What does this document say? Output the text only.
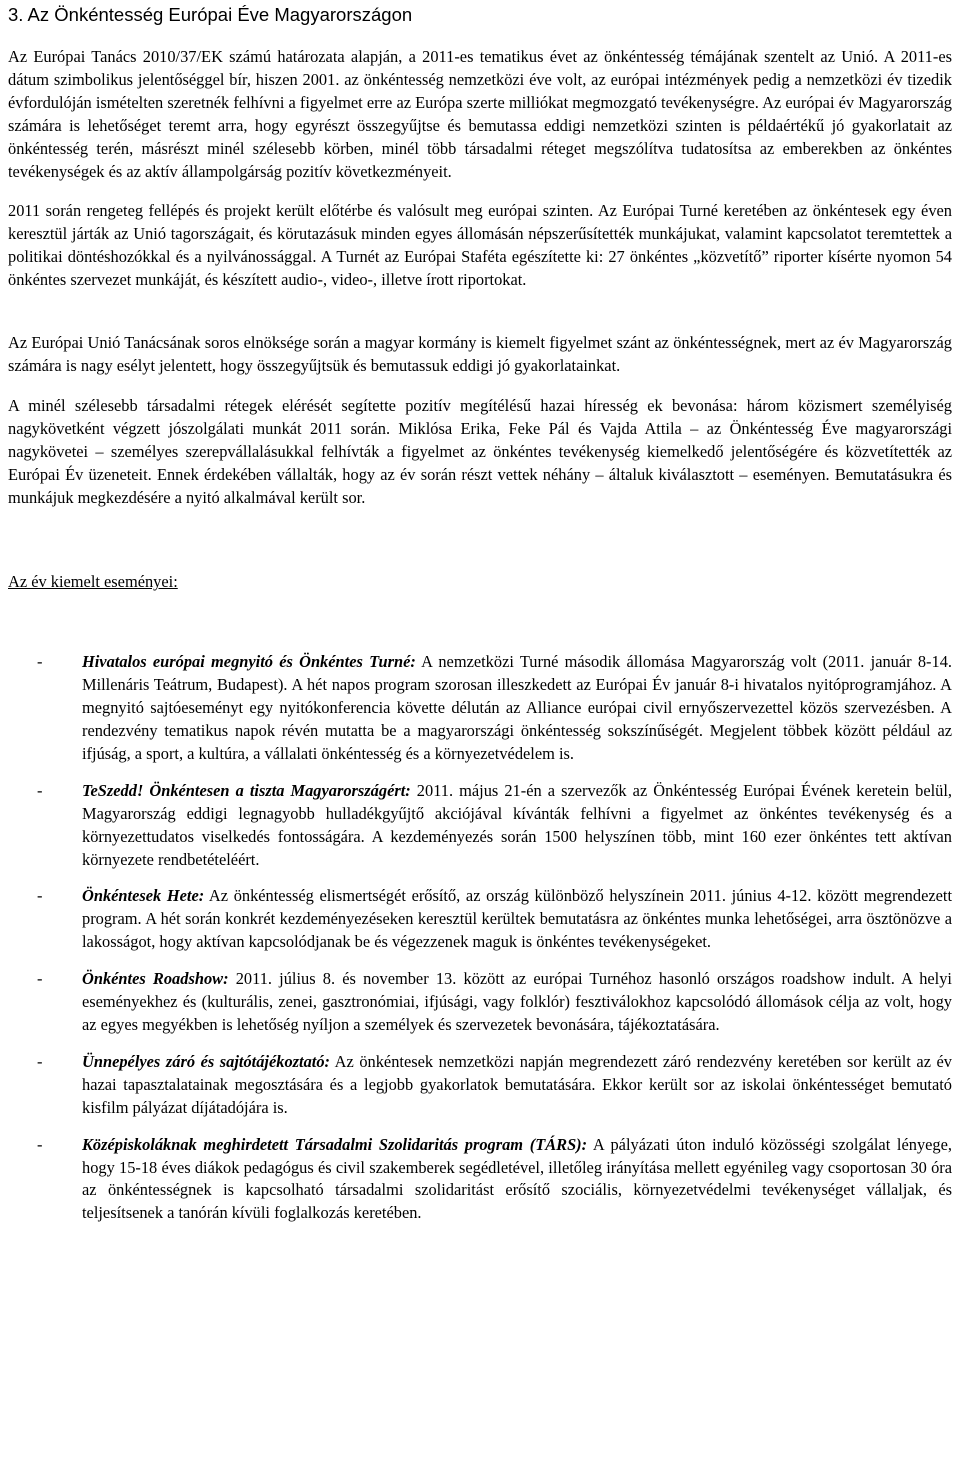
3. Az Önkéntesség Európai Éve Magyarországon

Az Európai Tanács 2010/37/EK számú határozata alapján, a 2011-es tematikus évet az önkéntesség témájának szentelt az Unió. A 2011-es dátum szimbolikus jelentőséggel bír, hiszen 2001. az önkéntesség nemzetközi éve volt, az európai intézmények pedig a nemzetközi év tizedik évfordulóján ismételten szeretnék felhívni a figyelmet erre az Európa szerte milliókat megmozgató tevékenységre. Az európai év Magyarország számára is lehetőséget teremt arra, hogy egyrészt összegyűjtse és bemutassa eddigi nemzetközi szinten is példaértékű jó gyakorlatait az önkéntesség terén, másrészt minél szélesebb körben, minél több társadalmi réteget megszólítva tudatosítsa az emberekben az önkéntes tevékenységek és az aktív állampolgárság pozitív következményeit.

2011 során rengeteg fellépés és projekt került előtérbe és valósult meg európai szinten. Az Európai Turné keretében az önkéntesek egy éven keresztül járták az Unió tagországait, és körutazásuk minden egyes állomásán népszerűsítették munkájukat, valamint kapcsolatot teremtettek a politikai döntéshozókkal és a nyilvánossággal. A Turnét az Európai Staféta egészítette ki: 27 önkéntes „közvetítő” riporter kísérte nyomon 54 önkéntes szervezet munkáját, és készített audio-, video-, illetve írott riportokat.

Az Európai Unió Tanácsának soros elnöksége során a magyar kormány is kiemelt figyelmet szánt az önkéntességnek, mert az év Magyarország számára is nagy esélyt jelentett, hogy összegyűjtsük és bemutassuk eddigi jó gyakorlatainkat.

A minél szélesebb társadalmi rétegek elérését segítette pozitív megítélésű hazai híresség ek bevonása: három közismert személyiség nagykövetként végzett jószolgálati munkát 2011 során. Miklósa Erika, Feke Pál és Vajda Attila – az Önkéntesség Éve magyarországi nagykövetei – személyes szerepvállalásukkal felhívták a figyelmet az önkéntes tevékenység kiemelkedő jelentőségére és közvetítették az Európai Év üzeneteit. Ennek érdekében vállalták, hogy az év során részt vettek néhány – általuk kiválasztott – eseményen. Bemutatásukra és munkájuk megkezdésére a nyitó alkalmával került sor.

Az év kiemelt eseményei:

- Hivatalos európai megnyitó és Önkéntes Turné: A nemzetközi Turné második állomása Magyarország volt (2011. január 8-14. Millenáris Teátrum, Budapest). A hét napos program szorosan illeszkedett az Európai Év január 8-i hivatalos nyitóprogramjához. A megnyitó sajtóeseményt egy nyitókonferencia követte délután az Alliance európai civil ernyőszervezettel közös szervezésben. A rendezvény tematikus napok révén mutatta be a magyarországi önkéntesség sokszínűségét. Megjelent többek között például az ifjúság, a sport, a kultúra, a vállalati önkéntesség és a környezetvédelem is.
- TeSzedd! Önkéntesen a tiszta Magyarországért: 2011. május 21-én a szervezők az Önkéntesség Európai Évének keretein belül, Magyarország eddigi legnagyobb hulladékgyűjtő akciójával kívánták felhívni a figyelmet az önkéntes tevékenység és a környezettudatos viselkedés fontosságára. A kezdeményezés során 1500 helyszínen több, mint 160 ezer önkéntes tett aktívan környezete rendbetételéért.
- Önkéntesek Hete: Az önkéntesség elismertségét erősítő, az ország különböző helyszínein 2011. június 4-12. között megrendezett program. A hét során konkrét kezdeményezéseken keresztül kerültek bemutatásra az önkéntes munka lehetőségei, arra ösztönözve a lakosságot, hogy aktívan kapcsolódjanak be és végezzenek maguk is önkéntes tevékenységeket.
- Önkéntes Roadshow: 2011. július 8. és november 13. között az európai Turnéhoz hasonló országos roadshow indult. A helyi eseményekhez és (kulturális, zenei, gasztronómiai, ifjúsági, vagy folklór) fesztiválokhoz kapcsolódó állomások célja az volt, hogy az egyes megyékben is lehetőség nyíljon a személyek és szervezetek bevonására, tájékoztatására.
- Ünnepélyes záró és sajtótájékoztató: Az önkéntesek nemzetközi napján megrendezett záró rendezvény keretében sor került az év hazai tapasztalatainak megosztására és a legjobb gyakorlatok bemutatására. Ekkor került sor az iskolai önkéntességet bemutató kisfilm pályázat díjátadójára is.
- Középiskoláknak meghirdetett Társadalmi Szolidaritás program (TÁRS): A pályázati úton induló közösségi szolgálat lényege, hogy 15-18 éves diákok pedagógus és civil szakemberek segédletével, illetőleg irányítása mellett egyénileg vagy csoportosan 30 óra az önkéntességnek is kapcsolható társadalmi szolidaritást erősítő szociális, környezetvédelmi tevékenységet vállaljak, és teljesítsenek a tanórán kívüli foglalkozás keretében.
